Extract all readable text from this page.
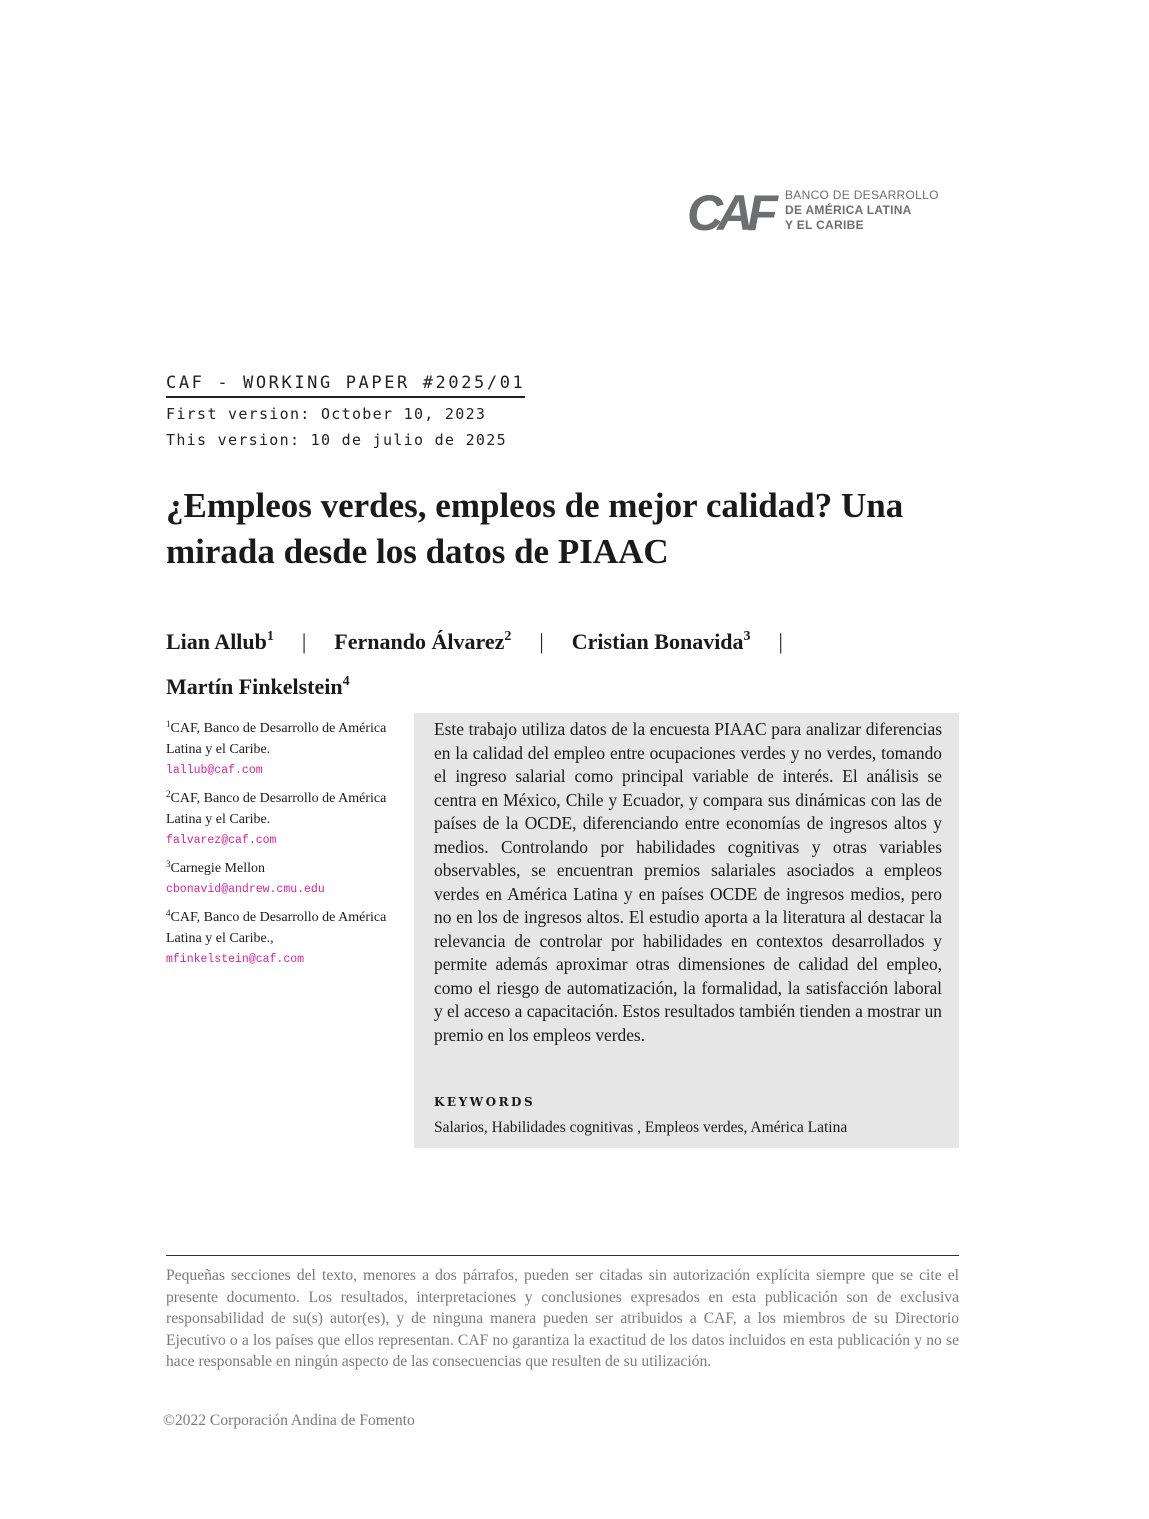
CAF	BANCO DE DESARROLLO
DE AMÉRICA LATINA
Y EL CARIBE
CAF - WORKING PAPER #2025/01
First version: October 10, 2023
This version: 10 de julio de 2025
¿Empleos verdes, empleos de mejor calidad? Una mirada desde los datos de PIAAC
Lian Allub$^1$ | Fernando Álvarez$^2$ | Cristian Bonavida$^3$ |
Martín Finkelstein$^4$
$^1$CAF, Banco de Desarrollo de América Latina y el Caribe.
lallub@caf.com
$^2$CAF, Banco de Desarrollo de América Latina y el Caribe.
falvarez@caf.com
$^3$Carnegie Mellon
cbonavid@andrew.cmu.edu
$^4$CAF, Banco de Desarrollo de América Latina y el Caribe.,
mfinkelstein@caf.com
Este trabajo utiliza datos de la encuesta PIAAC para analizar diferencias en la calidad del empleo entre ocupaciones verdes y no verdes, tomando el ingreso salarial como principal variable de interés. El análisis se centra en México, Chile y Ecuador, y compara sus dinámicas con las de países de la OCDE, diferenciando entre economías de ingresos altos y medios. Controlando por habilidades cognitivas y otras variables observables, se encuentran premios salariales asociados a empleos verdes en América Latina y en países OCDE de ingresos medios, pero no en los de ingresos altos. El estudio aporta a la literatura al destacar la relevancia de controlar por habilidades en contextos desarrollados y permite además aproximar otras dimensiones de calidad del empleo, como el riesgo de automatización, la formalidad, la satisfacción laboral y el acceso a capacitación. Estos resultados también tienden a mostrar un premio en los empleos verdes.
KEYWORDS
Salarios, Habilidades cognitivas , Empleos verdes, América Latina
Pequeñas secciones del texto, menores a dos párrafos, pueden ser citadas sin autorización explícita siempre que se cite el presente documento. Los resultados, interpretaciones y conclusiones expresados en esta publicación son de exclusiva responsabilidad de su(s) autor(es), y de ninguna manera pueden ser atribuidos a CAF, a los miembros de su Directorio Ejecutivo o a los países que ellos representan. CAF no garantiza la exactitud de los datos incluidos en esta publicación y no se hace responsable en ningún aspecto de las consecuencias que resulten de su utilización.
©2022 Corporación Andina de Fomento
